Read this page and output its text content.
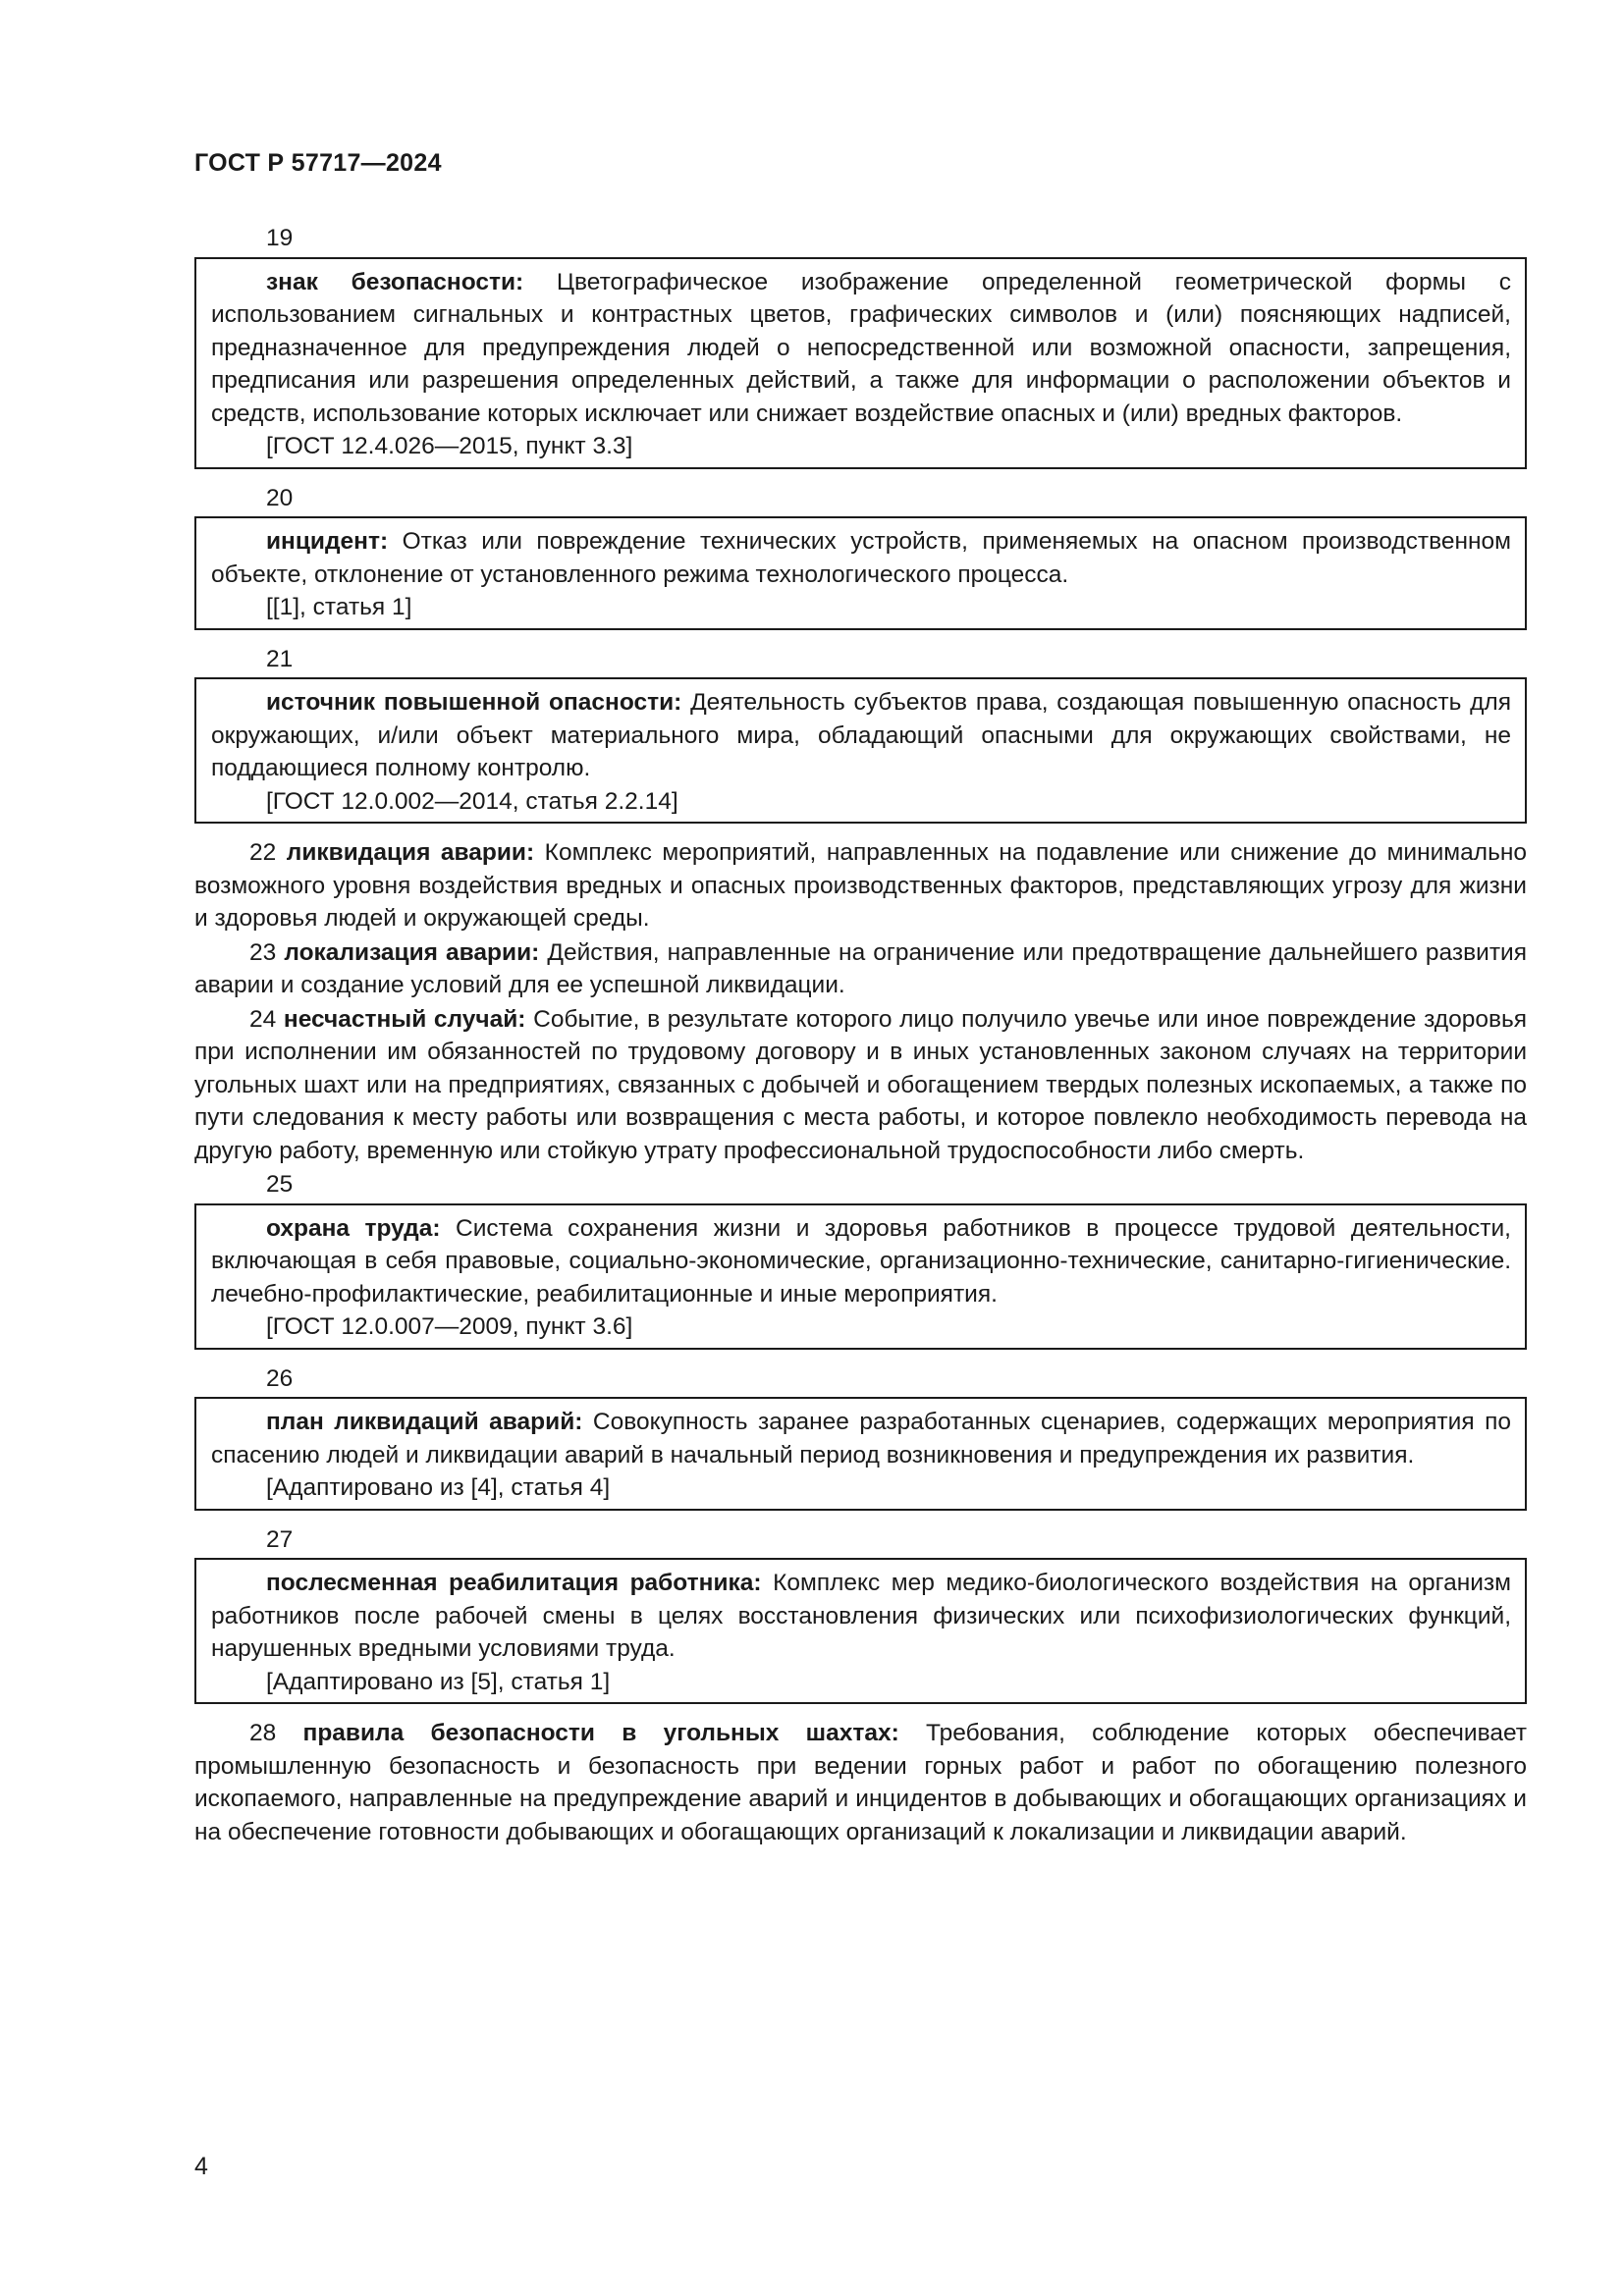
ГОСТ Р 57717—2024
19

знак безопасности: Цветографическое изображение определенной геометрической формы с использованием сигнальных и контрастных цветов, графических символов и (или) поясняющих надписей, предназначенное для предупреждения людей о непосредственной или возможной опасности, запрещения, предписания или разрешения определенных действий, а также для информации о расположении объектов и средств, использование которых исключает или снижает воздействие опасных и (или) вредных факторов.

[ГОСТ 12.4.026—2015, пункт 3.3]

20

инцидент: Отказ или повреждение технических устройств, применяемых на опасном производственном объекте, отклонение от установленного режима технологического процесса.

[[1], статья 1]

21

источник повышенной опасности: Деятельность субъектов права, создающая повышенную опасность для окружающих, и/или объект материального мира, обладающий опасными для окружающих свойствами, не поддающиеся полному контролю.

[ГОСТ 12.0.002—2014, статья 2.2.14]

22 ликвидация аварии: Комплекс мероприятий, направленных на подавление или снижение до минимально возможного уровня воздействия вредных и опасных производственных факторов, представляющих угрозу для жизни и здоровья людей и окружающей среды.
23 локализация аварии: Действия, направленные на ограничение или предотвращение дальнейшего развития аварии и создание условий для ее успешной ликвидации.
24 несчастный случай: Событие, в результате которого лицо получило увечье или иное повреждение здоровья при исполнении им обязанностей по трудовому договору и в иных установленных законом случаях на территории угольных шахт или на предприятиях, связанных с добычей и обогащением твердых полезных ископаемых, а также по пути следования к месту работы или возвращения с места работы, и которое повлекло необходимость перевода на другую работу, временную или стойкую утрату профессиональной трудоспособности либо смерть.
25

охрана труда: Система сохранения жизни и здоровья работников в процессе трудовой деятельности, включающая в себя правовые, социально-экономические, организационно-технические, санитарно-гигиенические. лечебно-профилактические, реабилитационные и иные мероприятия.

[ГОСТ 12.0.007—2009, пункт 3.6]

26

план ликвидаций аварий: Совокупность заранее разработанных сценариев, содержащих мероприятия по спасению людей и ликвидации аварий в начальный период возникновения и предупреждения их развития.

[Адаптировано из [4], статья 4]

27

послесменная реабилитация работника: Комплекс мер медико-биологического воздействия на организм работников после рабочей смены в целях восстановления физических или психофизиологических функций, нарушенных вредными условиями труда.

[Адаптировано из [5], статья 1]

28 правила безопасности в угольных шахтах: Требования, соблюдение которых обеспечивает промышленную безопасность и безопасность при ведении горных работ и работ по обогащению полезного ископаемого, направленные на предупреждение аварий и инцидентов в добывающих и обогащающих организациях и на обеспечение готовности добывающих и обогащающих организаций к локализации и ликвидации аварий.
4
